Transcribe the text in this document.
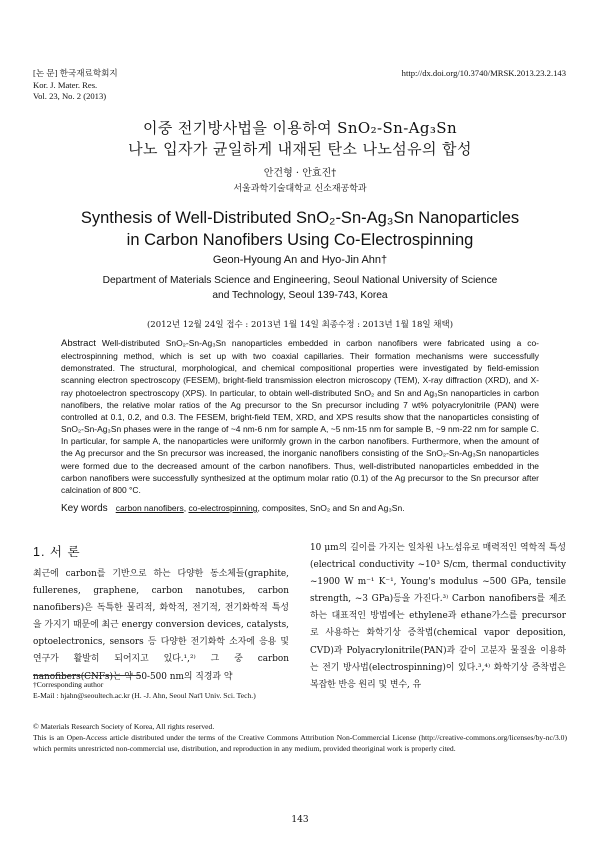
[논 문] 한국재료학회지
Kor. J. Mater. Res.
Vol. 23, No. 2 (2013)
http://dx.doi.org/10.3740/MRSK.2013.23.2.143
이중 전기방사법을 이용하여 SnO₂-Sn-Ag₃Sn
나노 입자가 균일하게 내재된 탄소 나노섬유의 합성
안건형 · 안효진†
서울과학기술대학교 신소재공학과
Synthesis of Well-Distributed SnO₂-Sn-Ag₃Sn Nanoparticles
in Carbon Nanofibers Using Co-Electrospinning
Geon-Hyoung An and Hyo-Jin Ahn†
Department of Materials Science and Engineering, Seoul National University of Science
and Technology, Seoul 139-743, Korea
(2012년 12월 24일 접수 : 2013년 1월 14일 최종수정 : 2013년 1월 18일 채택)
Abstract Well-distributed SnO₂-Sn-Ag₃Sn nanoparticles embedded in carbon nanofibers were fabricated using a co-electrospinning method, which is set up with two coaxial capillaries. Their formation mechanisms were successfully demonstrated. The structural, morphological, and chemical compositional properties were investigated by field-emission scanning electron spectroscopy (FESEM), bright-field transmission electron microscopy (TEM), X-ray diffraction (XRD), and X-ray photoelectron spectroscopy (XPS). In particular, to obtain well-distributed SnO₂ and Sn and Ag₃Sn nanoparticles in carbon nanofibers, the relative molar ratios of the Ag precursor to the Sn precursor including 7 wt% polyacrylonitrile (PAN) were controlled at 0.1, 0.2, and 0.3. The FESEM, bright-field TEM, XRD, and XPS results show that the nanoparticles consisting of SnO₂-Sn-Ag₃Sn phases were in the range of ~4 nm-6 nm for sample A, ~5 nm-15 nm for sample B, ~9 nm-22 nm for sample C. In particular, for sample A, the nanoparticles were uniformly grown in the carbon nanofibers. Furthermore, when the amount of the Ag precursor and the Sn precursor was increased, the inorganic nanofibers consisting of the SnO₂-Sn-Ag₃Sn nanoparticles were formed due to the decreased amount of the carbon nanofibers. Thus, well-distributed nanoparticles embedded in the carbon nanofibers were successfully synthesized at the optimum molar ratio (0.1) of the Ag precursor to the Sn precursor after calcination of 800 °C.
Key words carbon nanofibers, co-electrospinning, composites, SnO₂ and Sn and Ag₃Sn.
1. 서 론
최근에 carbon를 기반으로 하는 다양한 동소체들(graphite, fullerenes, graphene, carbon nanotubes, carbon nanofibers)은 독특한 물리적, 화학적, 전기적, 전기화학적 특성을 가지기 때문에 최근 energy conversion devices, catalysts, optoelectronics, sensors 등 다양한 전기화학 소자에 응용 및 연구가 활발히 되어지고 있다.¹,²⁾ 그 중 carbon nanofibers(CNFs)는 약 50-500 nm의 직경과 약
10 μm의 길이를 가지는 일차원 나노섬유로 매력적인 역학적 특성(electrical conductivity ~10³ S/cm, thermal conductivity ~1900 W m⁻¹ K⁻¹, Young's modulus ~500 GPa, tensile strength, ~3 GPa)등을 가진다.³⁾ Carbon nanofibers를 제조하는 대표적인 방법에는 ethylene과 ethane가스를 precursor로 사용하는 화학기상 증착법(chemical vapor deposition, CVD)과 Polyacrylonitrile(PAN)과 같이 고분자 물질을 이용하는 전기 방사법(electrospinning)이 있다.³,⁴⁾ 화학기상 증착법은 복잡한 반응 원리 및 변수, 유
†Corresponding author
E-Mail : hjahn@seoultech.ac.kr (H. -J. Ahn, Seoul Nat'l Univ. Sci. Tech.)
© Materials Research Society of Korea, All rights reserved.
This is an Open-Access article distributed under the terms of the Creative Commons Attribution Non-Commercial License (http://creative-commons.org/licenses/by-nc/3.0) which permits unrestricted non-commercial use, distribution, and reproduction in any medium, provided theoriginal work is properly cited.
143
